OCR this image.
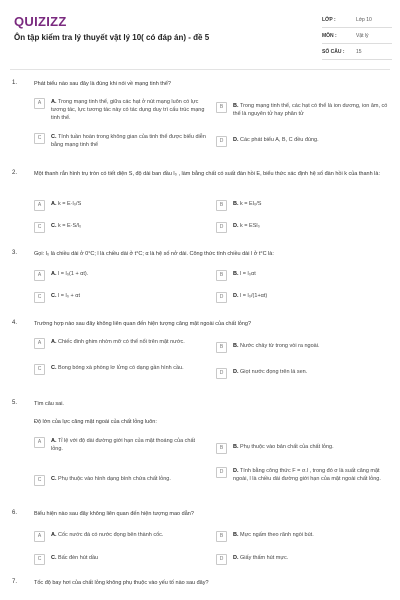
QUIZIZZ
Ôn tập kiểm tra lý thuyết vật lý 10( có đáp án) - đề 5
LỚP :	Lớp 10
MÔN :	Vật lý
SỐ CÂU :	15
1.	Phát biểu nào sau đây là đúng khi nói về mạng tinh thể?
A	A. Trong mạng tinh thể, giữa các hạt ở nút mạng luôn có lực tương tác, lực tương tác này có tác dụng duy trì cấu trúc mạng tinh thể.
B	B. Trong mạng tinh thể, các hạt có thể là ion dương, ion âm, có thể là nguyên tử hay phân tử
C	C. Tính tuần hoàn trong không gian của tinh thể được biểu diễn bằng mạng tinh thể
D	D. Các phát biểu A, B, C đều đúng.
2.	Một thanh rắn hình trụ tròn có tiết diện S, độ dài ban đầu l₀ , làm bằng chất có suất đàn hồi E, biểu thức xác định hệ số đàn hồi k của thanh là:
A	A. k = E·l₀/S	B	B. k = El₀/S
C	C. k = E·S/l₀	D	D. k = ESl₀
3.	Gọi: l₀ là chiều dài ở 0°C; l là chiều dài ở t°C; α là hệ số nở dài. Công thức tính chiều dài l ở t°C là:
A	A. l = l₀(1 + αt).	B	B. l = l₀αt
C	C. l = l₀ + αt	D	D. l = l₀/(1+αt)
4.	Trường hợp nào sau đây không liên quan đến hiện tượng căng mặt ngoài của chất lỏng?
A	A. Chiếc đinh ghim nhờn mỡ có thể nổi trên mặt nước.
B	B. Nước chảy từ trong vòi ra ngoài.
C	C. Bong bóng xà phòng lơ lửng có dạng gần hình cầu.
D	D. Giọt nước đọng trên lá sen.
5.	Tìm câu sai.
Độ lớn của lực căng mặt ngoài của chất lỏng luôn:
A	A. Tỉ lệ với độ dài đường giới hạn của mặt thoáng của chất lỏng.	B	B. Phụ thuộc vào bản chất của chất lỏng.
C	C. Phụ thuộc vào hình dạng bình chứa chất lỏng.
D	D. Tính bằng công thức F = σ.l , trong đó σ là suất căng mặt ngoài, l là chiều dài đường giới hạn của mặt ngoài chất lỏng.
6.	Biểu hiện nào sau đây không liên quan đến hiện tượng mao dẫn?
A	A. Cốc nước đá có nước đọng bên thành cốc.	B	B. Mực ngấm theo rãnh ngòi bút.
C	C. Bấc đèn hút dầu	D	D. Giấy thấm hút mực.
7.	Tốc độ bay hơi của chất lỏng không phụ thuộc vào yếu tố nào sau đây?
